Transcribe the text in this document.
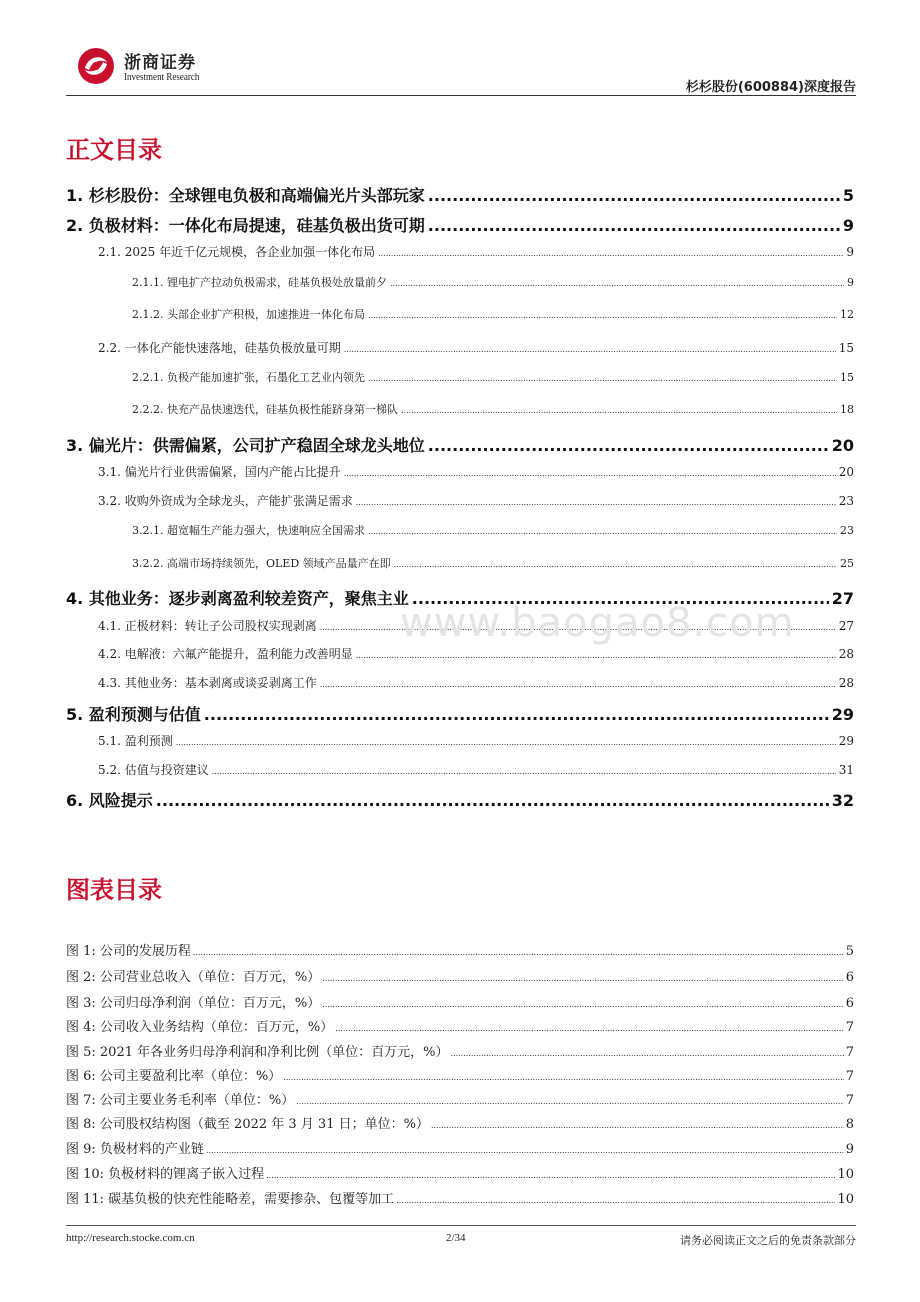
浙商证券
Investment Research
杉杉股份(600884)深度报告
正文目录
1. 杉杉股份：全球锂电负极和高端偏光片头部玩家 .....	5
2. 负极材料：一体化布局提速，硅基负极出货可期 .....	9
2.1. 2025 年近千亿元规模，各企业加强一体化布局 .....	9
2.1.1. 锂电扩产拉动负极需求，硅基负极处放量前夕 .....	9
2.1.2. 头部企业扩产积极，加速推进一体化布局 .....	12
2.2. 一体化产能快速落地，硅基负极放量可期 .....	15
2.2.1. 负极产能加速扩张，石墨化工艺业内领先 .....	15
2.2.2. 快充产品快速迭代，硅基负极性能跻身第一梯队 .....	18
3. 偏光片：供需偏紧，公司扩产稳固全球龙头地位 .....	20
3.1. 偏光片行业供需偏紧，国内产能占比提升 .....	20
3.2. 收购外资成为全球龙头，产能扩张满足需求 .....	23
3.2.1. 超宽幅生产能力强大，快速响应全国需求 .....	23
3.2.2. 高端市场持续领先，OLED 领域产品量产在即 .....	25
4. 其他业务：逐步剥离盈利较差资产，聚焦主业 .....	27
4.1. 正极材料：转让子公司股权实现剥离 .....	27
4.2. 电解液：六氟产能提升，盈利能力改善明显 .....	28
4.3. 其他业务：基本剥离或谈妥剥离工作 .....	28
5. 盈利预测与估值 .....	29
5.1. 盈利预测 .....	29
5.2. 估值与投资建议 .....	31
6. 风险提示 .....	32
www.baogao8.com
图表目录
图 1: 公司的发展历程 .....	5
图 2: 公司营业总收入（单位：百万元，%） .....	6
图 3: 公司归母净利润（单位：百万元，%） .....	6
图 4: 公司收入业务结构（单位：百万元，%） .....	7
图 5: 2021 年各业务归母净利润和净利比例（单位：百万元，%） .....	7
图 6: 公司主要盈利比率（单位：%） .....	7
图 7: 公司主要业务毛利率（单位：%） .....	7
图 8: 公司股权结构图（截至 2022 年 3 月 31 日；单位：%） .....	8
图 9: 负极材料的产业链 .....	9
图 10: 负极材料的锂离子嵌入过程 .....	10
图 11: 碳基负极的快充性能略差，需要掺杂、包覆等加工 .....	10
http://research.stocke.com.cn	2/34	请务必阅读正文之后的免责条款部分
